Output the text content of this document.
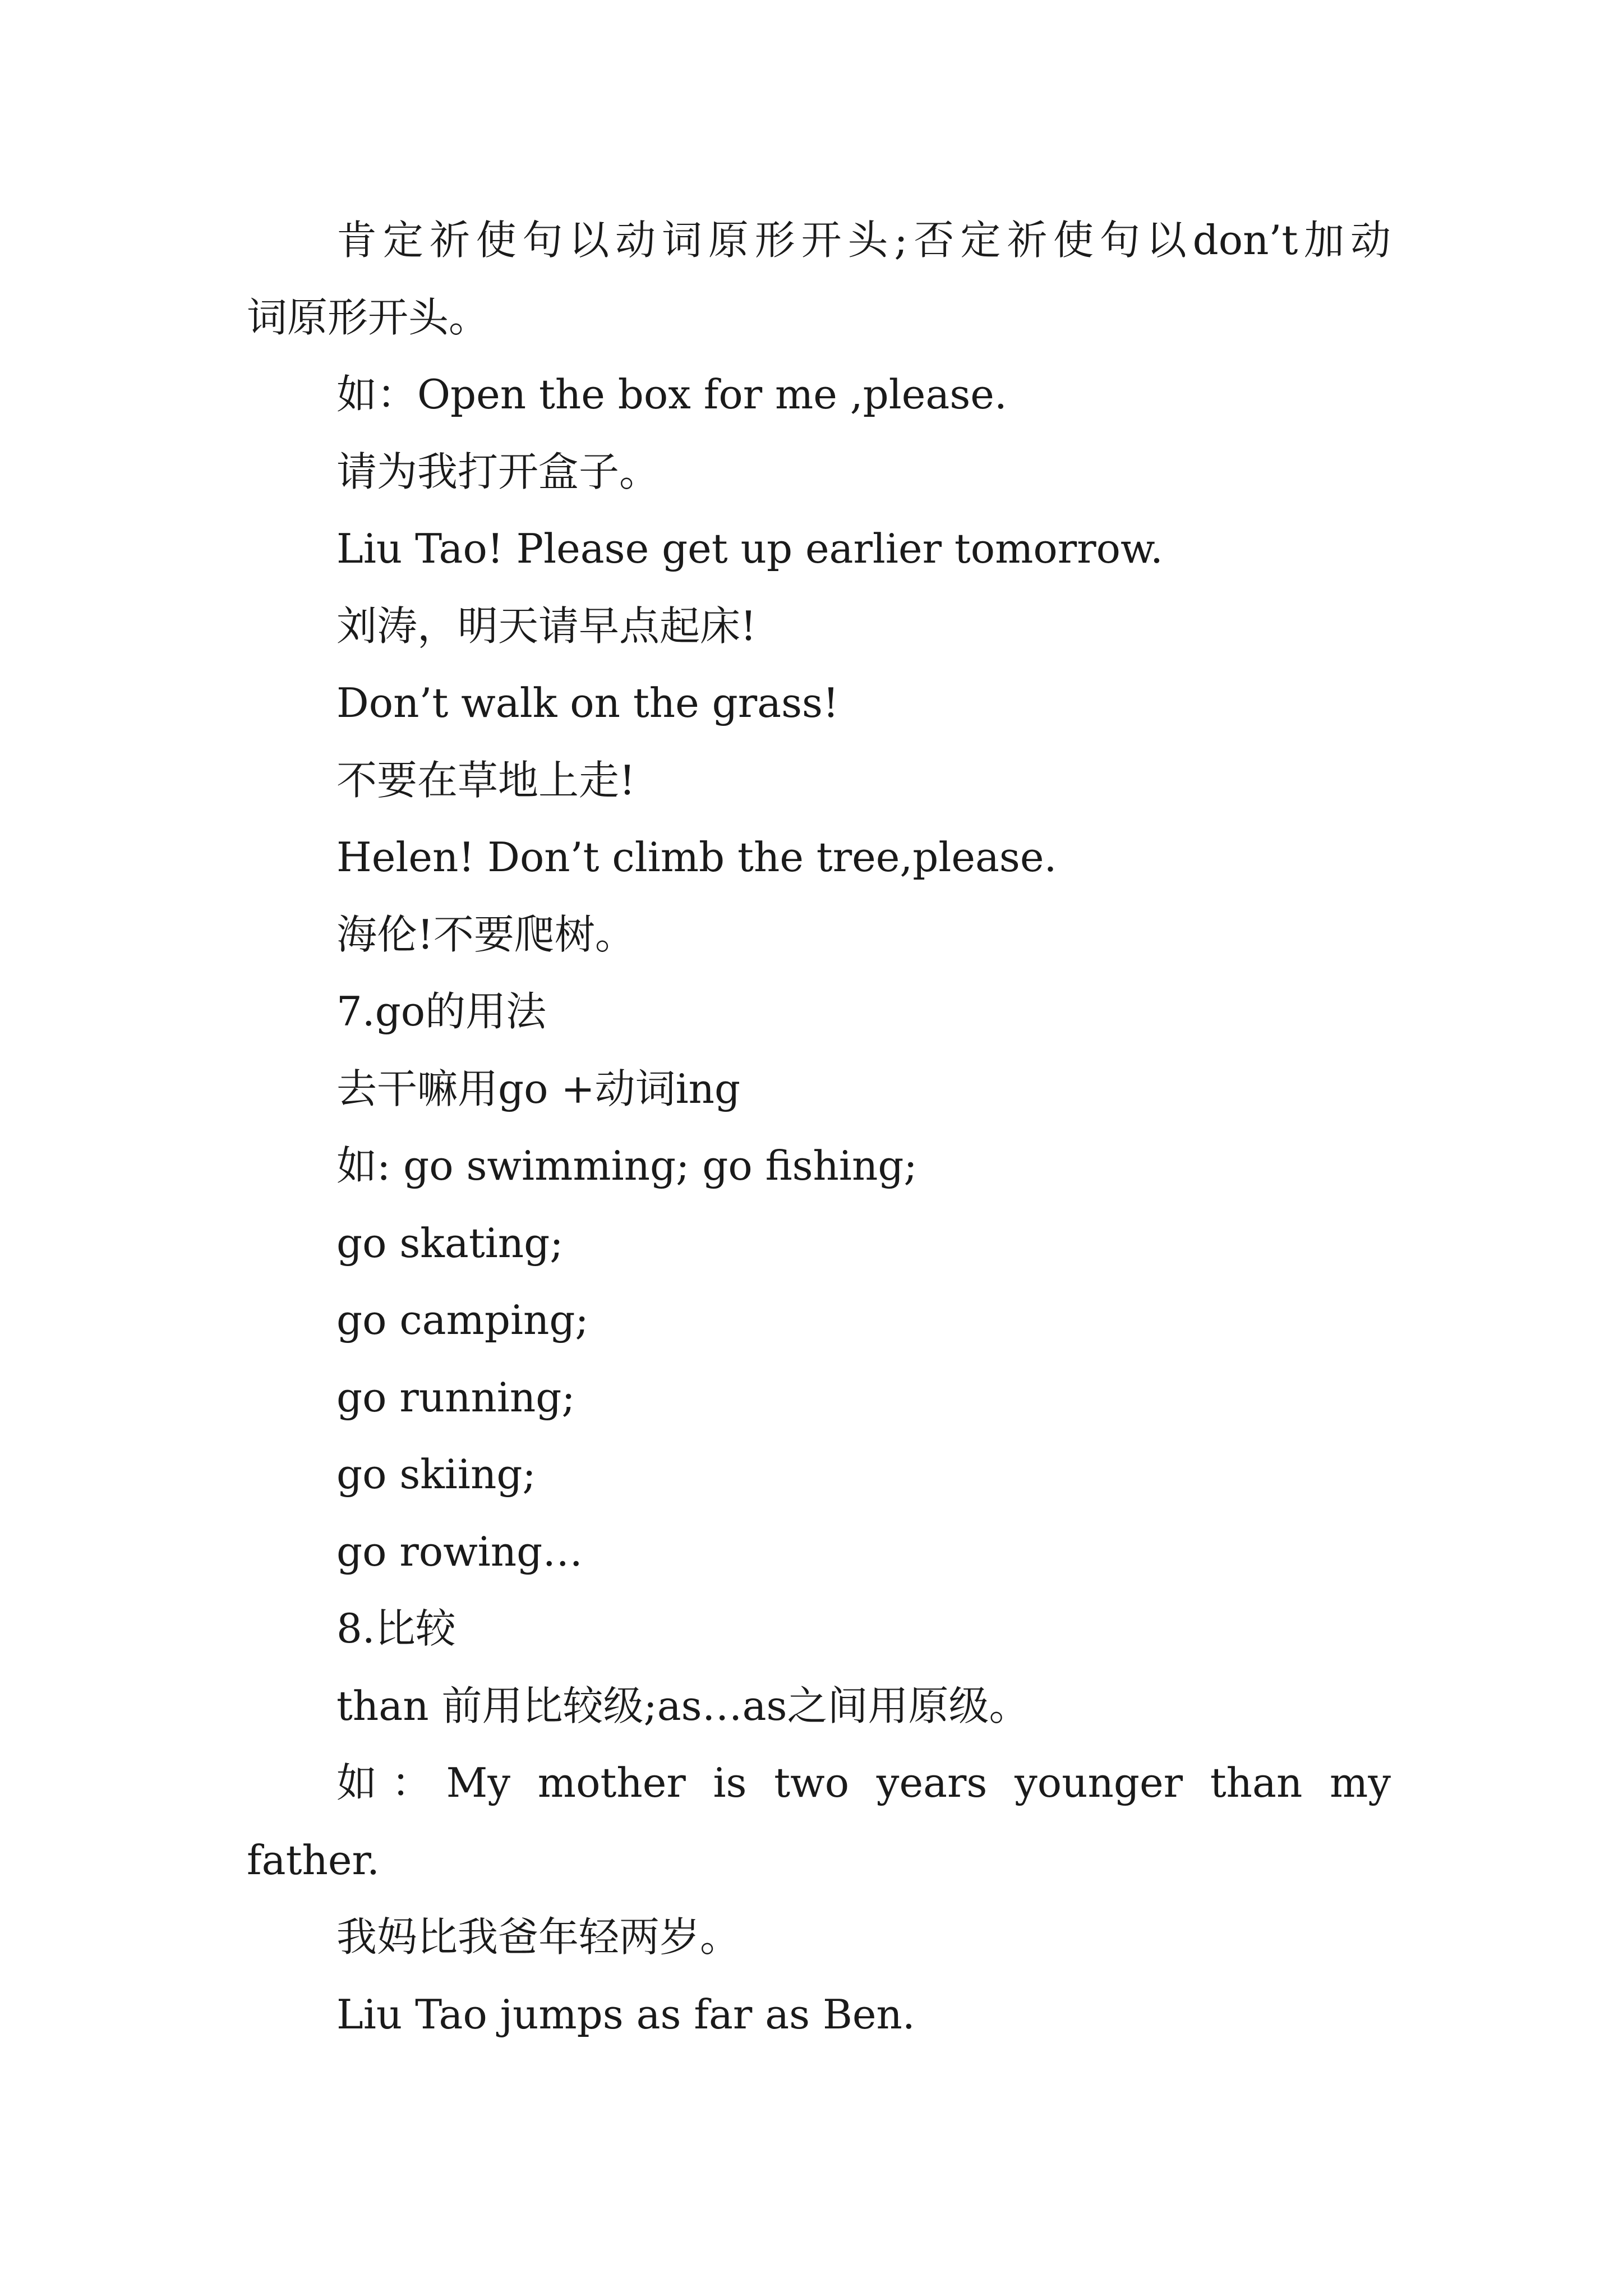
肯定祈使句以动词原形开头;否定祈使句以don’t加动
词原形开头。
如：Open the box for me ,please.
请为我打开盒子。
Liu Tao! Please get up earlier tomorrow.
刘涛，明天请早点起床!
Don’t walk on the grass!
不要在草地上走!
Helen! Don’t climb the tree,please.
海伦!不要爬树。
7.go的用法
去干嘛用go +动词ing
如: go swimming; go fishing;
go skating;
go camping;
go running;
go skiing;
go rowing…
8.比较
than 前用比较级;as…as之间用原级。
如：My mother is two years younger than my
father.
我妈比我爸年轻两岁。
Liu Tao jumps as far as Ben.
